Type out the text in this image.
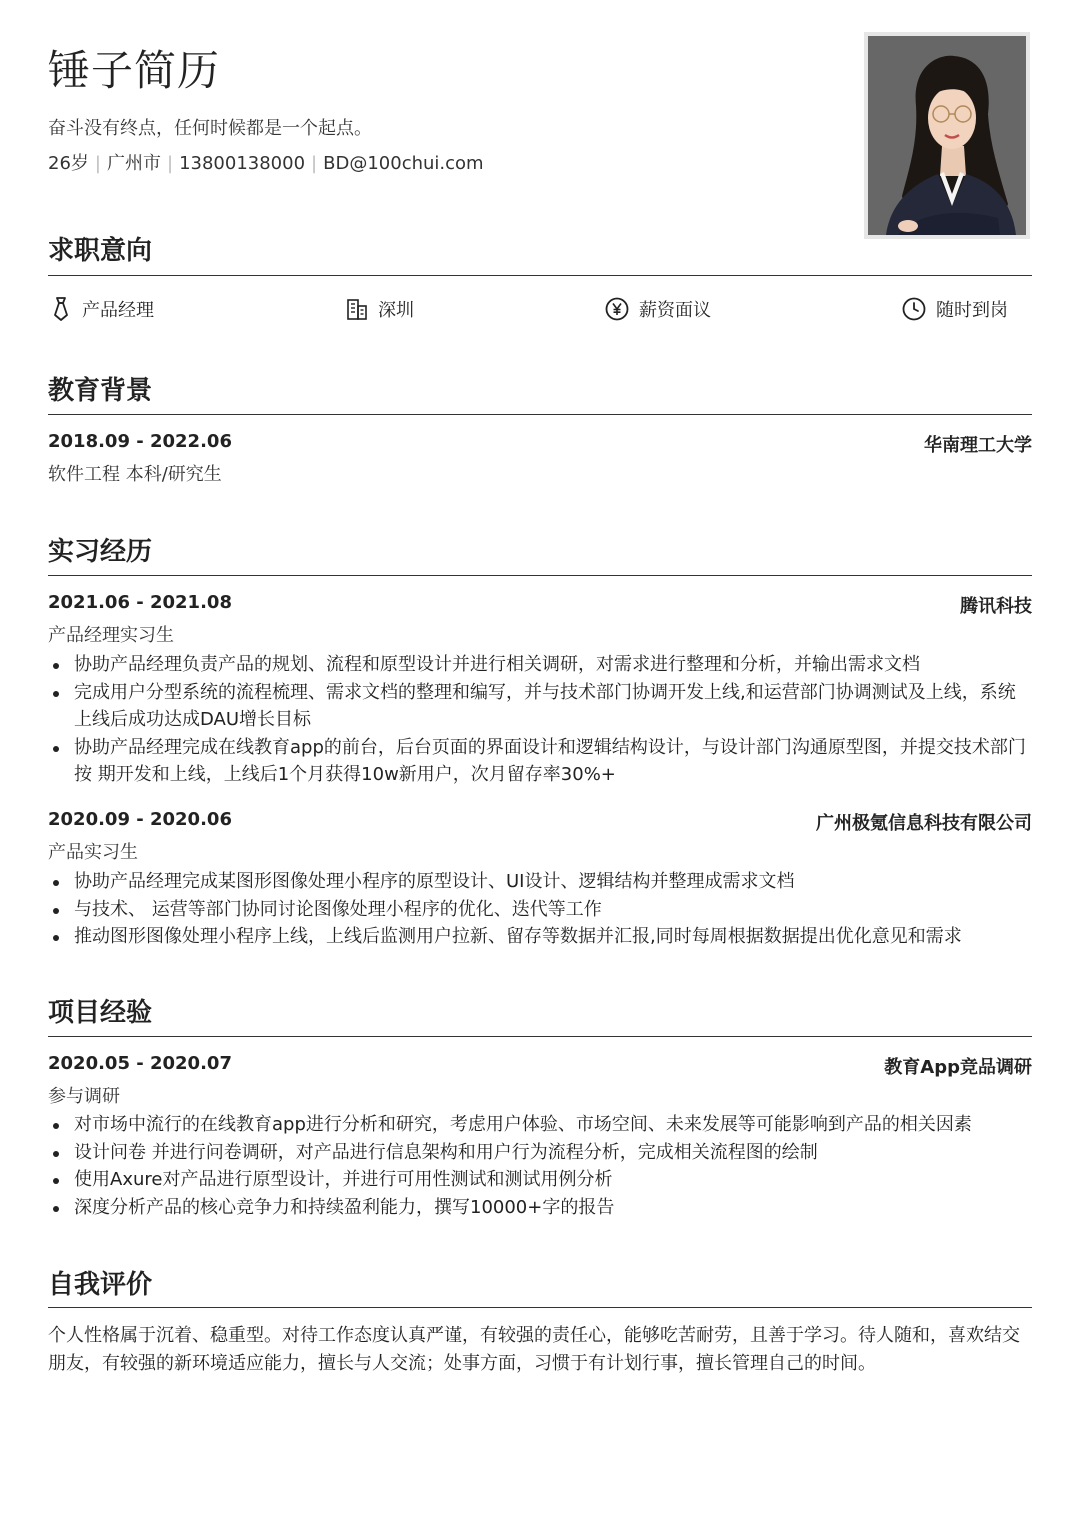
锤子简历
奋斗没有终点，任何时候都是一个起点。
26岁 | 广州市 | 13800138000 | BD@100chui.com
求职意向
产品经理	深圳	薪资面议	随时到岗
教育背景
2018.09 - 2022.06	华南理工大学
软件工程 本科/研究生
实习经历
2021.06 - 2021.08	腾讯科技
产品经理实习生
协助产品经理负责产品的规划、流程和原型设计并进行相关调研，对需求进行整理和分析，并输出需求文档
完成用户分型系统的流程梳理、需求文档的整理和编写，并与技术部门协调开发上线,和运营部门协调测试及上线，系统上线后成功达成DAU增长目标
协助产品经理完成在线教育app的前台，后台页面的界面设计和逻辑结构设计，与设计部门沟通原型图，并提交技术部门按 期开发和上线，上线后1个月获得10w新用户，次月留存率30%+
2020.09 - 2020.06	广州极氪信息科技有限公司
产品实习生
协助产品经理完成某图形图像处理小程序的原型设计、UI设计、逻辑结构并整理成需求文档
与技术、 运营等部门协同讨论图像处理小程序的优化、迭代等工作
推动图形图像处理小程序上线，上线后监测用户拉新、留存等数据并汇报,同时每周根据数据提出优化意见和需求
项目经验
2020.05 - 2020.07	教育App竞品调研
参与调研
对市场中流行的在线教育app进行分析和研究，考虑用户体验、市场空间、未来发展等可能影响到产品的相关因素
设计问卷 并进行问卷调研，对产品进行信息架构和用户行为流程分析，完成相关流程图的绘制
使用Axure对产品进行原型设计，并进行可用性测试和测试用例分析
深度分析产品的核心竞争力和持续盈利能力，撰写10000+字的报告
自我评价
个人性格属于沉着、稳重型。对待工作态度认真严谨，有较强的责任心，能够吃苦耐劳，且善于学习。待人随和，喜欢结交朋友，有较强的新环境适应能力，擅长与人交流；处事方面，习惯于有计划行事，擅长管理自己的时间。
